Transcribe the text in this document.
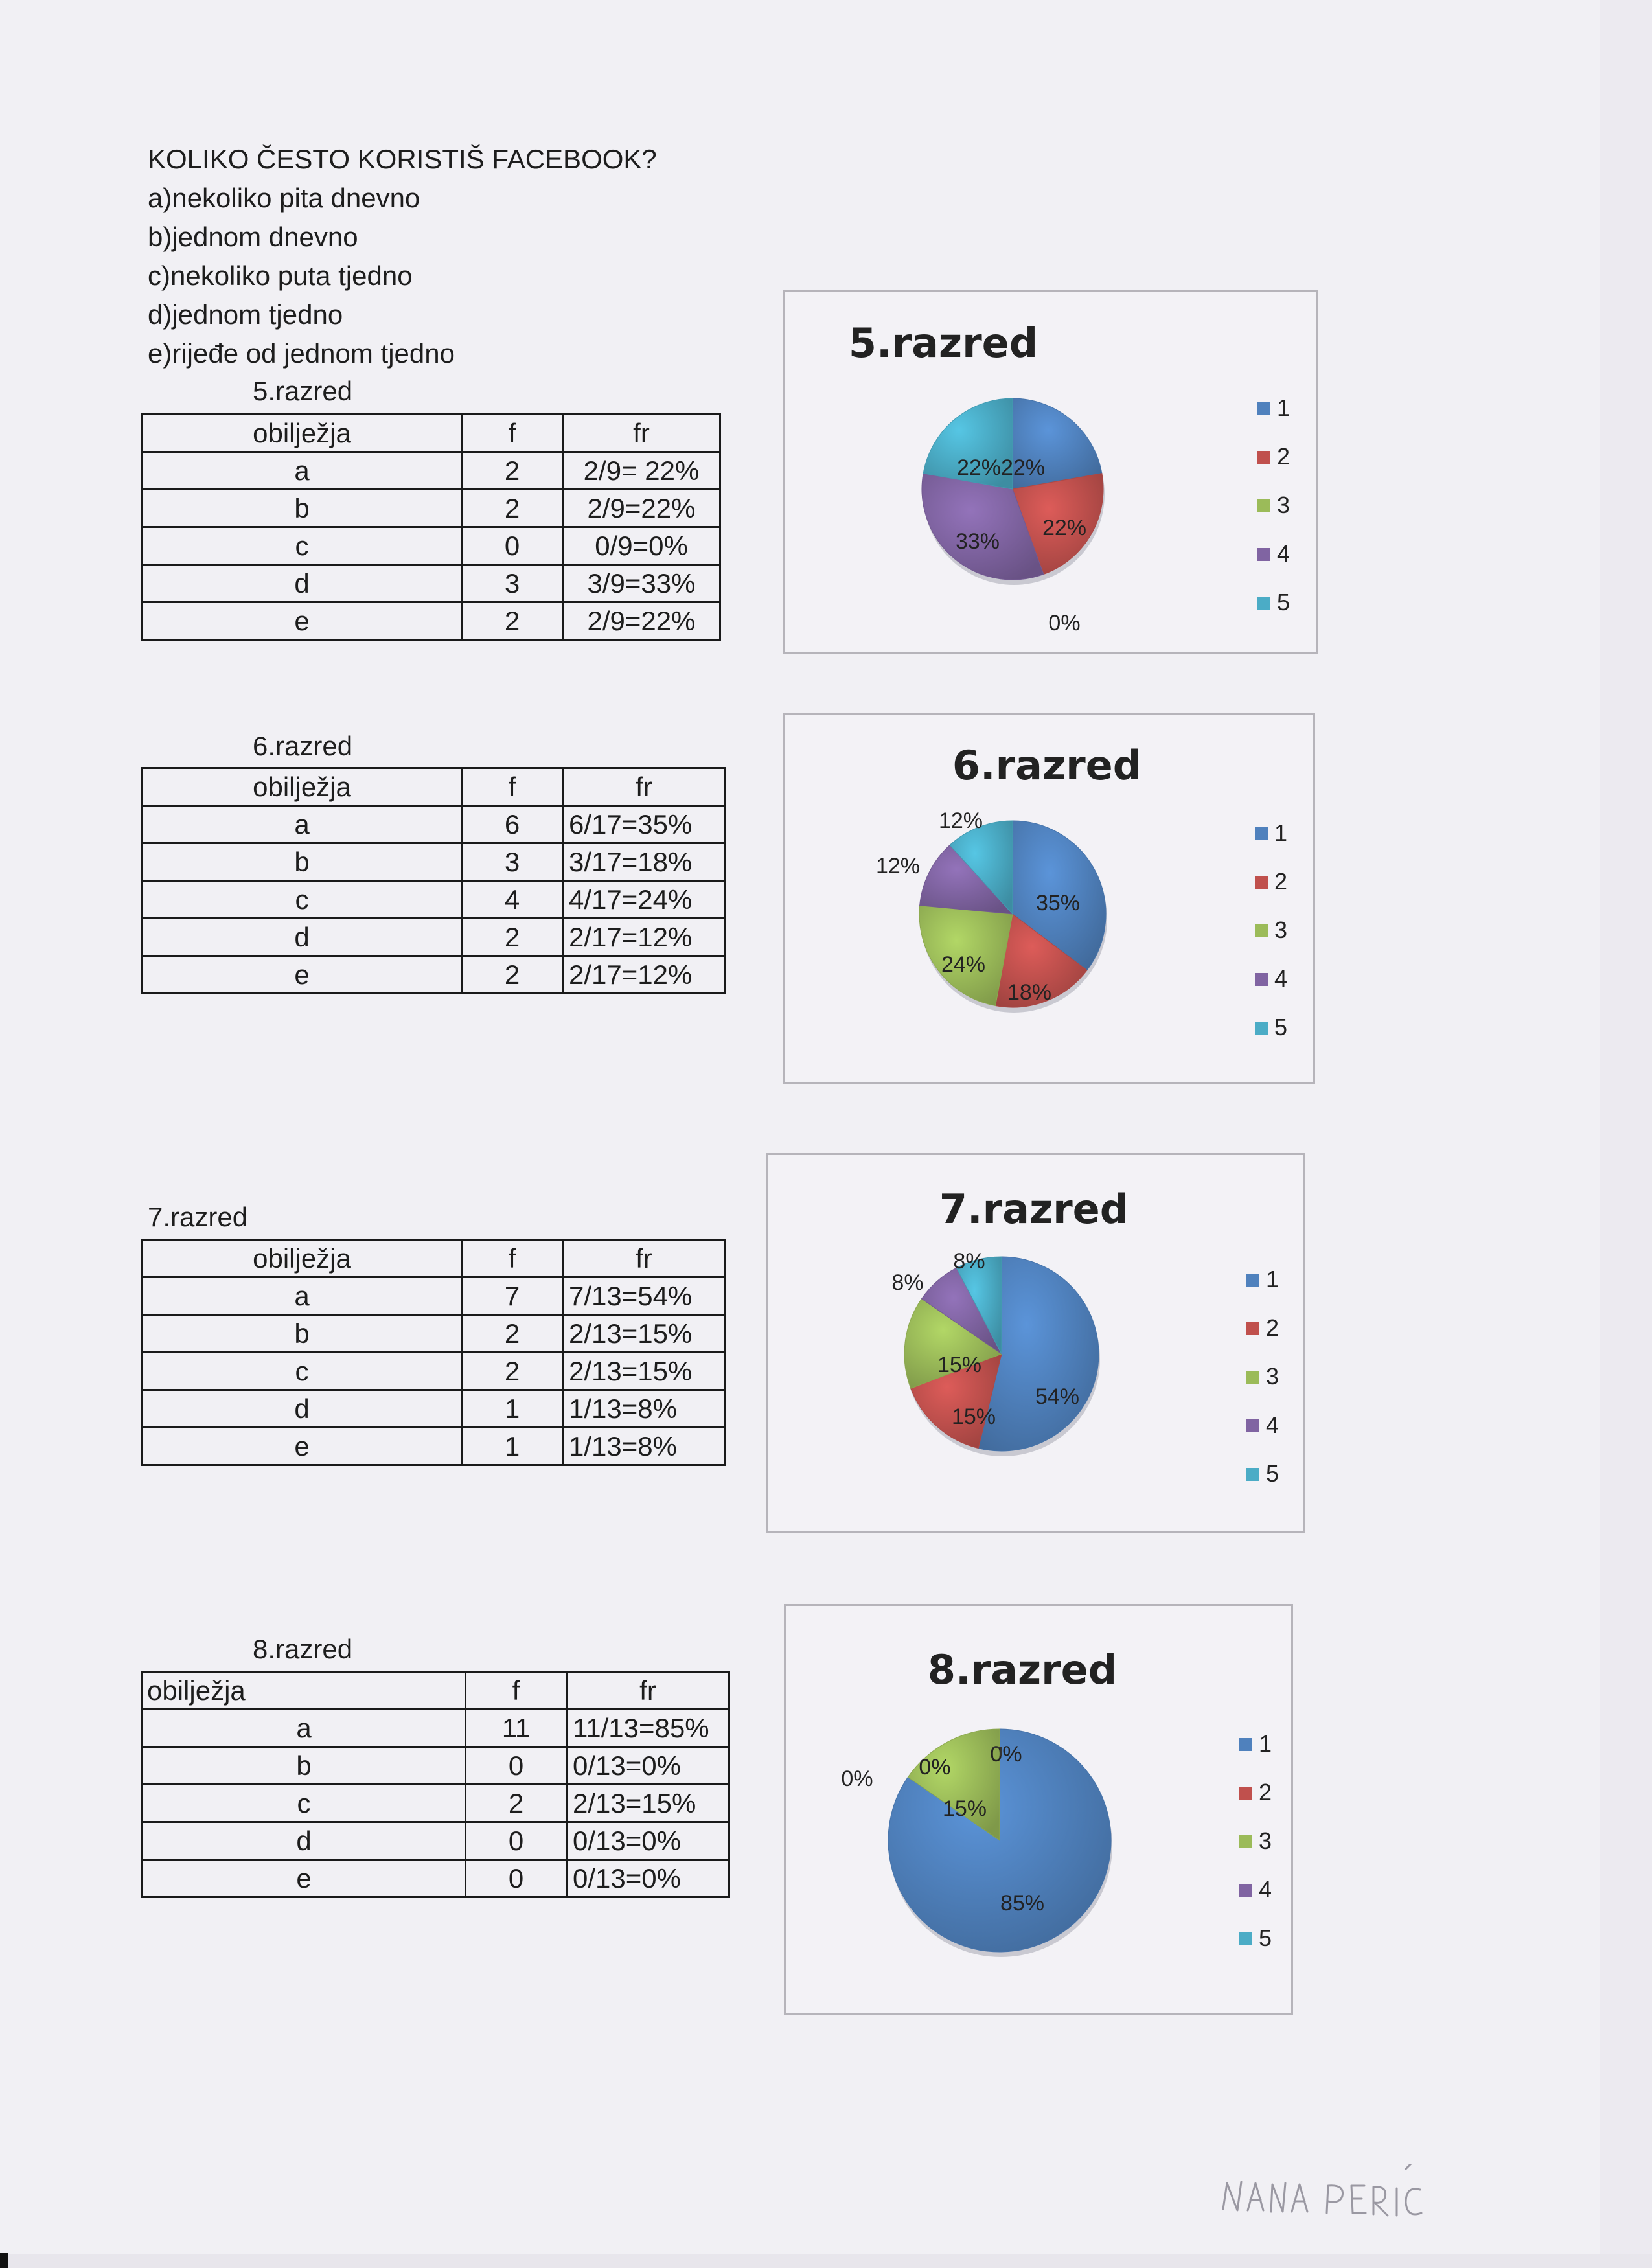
KOLIKO ČESTO KORISTIŠ FACEBOOK?
a)nekoliko pita dnevno
b)jednom dnevno
c)nekoliko puta tjedno
d)jednom tjedno
e)rijeđe od jednom tjedno
5.razred
6.razred
7.razred
8.razred
obilježja	f	fr
a	2	2/9= 22%
b	2	2/9=22%
c	0	0/9=0%
d	3	3/9=33%
e	2	2/9=22%
obilježja	f	fr
a	6	6/17=35%
b	3	3/17=18%
c	4	4/17=24%
d	2	2/17=12%
e	2	2/17=12%
obilježja	f	fr
a	7	7/13=54%
b	2	2/13=15%
c	2	2/13=15%
d	1	1/13=8%
e	1	1/13=8%
obilježja	f	fr
a	11	11/13=85%
b	0	0/13=0%
c	2	2/13=15%
d	0	0/13=0%
e	0	0/13=0%
5.razred
22%
22%
0%
33%
22%
1
2
3
4
5
6.razred
35%
18%
24%
12%
12%	1
2
3
4
5
7.razred
54%
15%
15%
8%
8%
1
2
3
4
5
8.razred
85%
0%
15%
0%
0%	1
2
3
4
5
